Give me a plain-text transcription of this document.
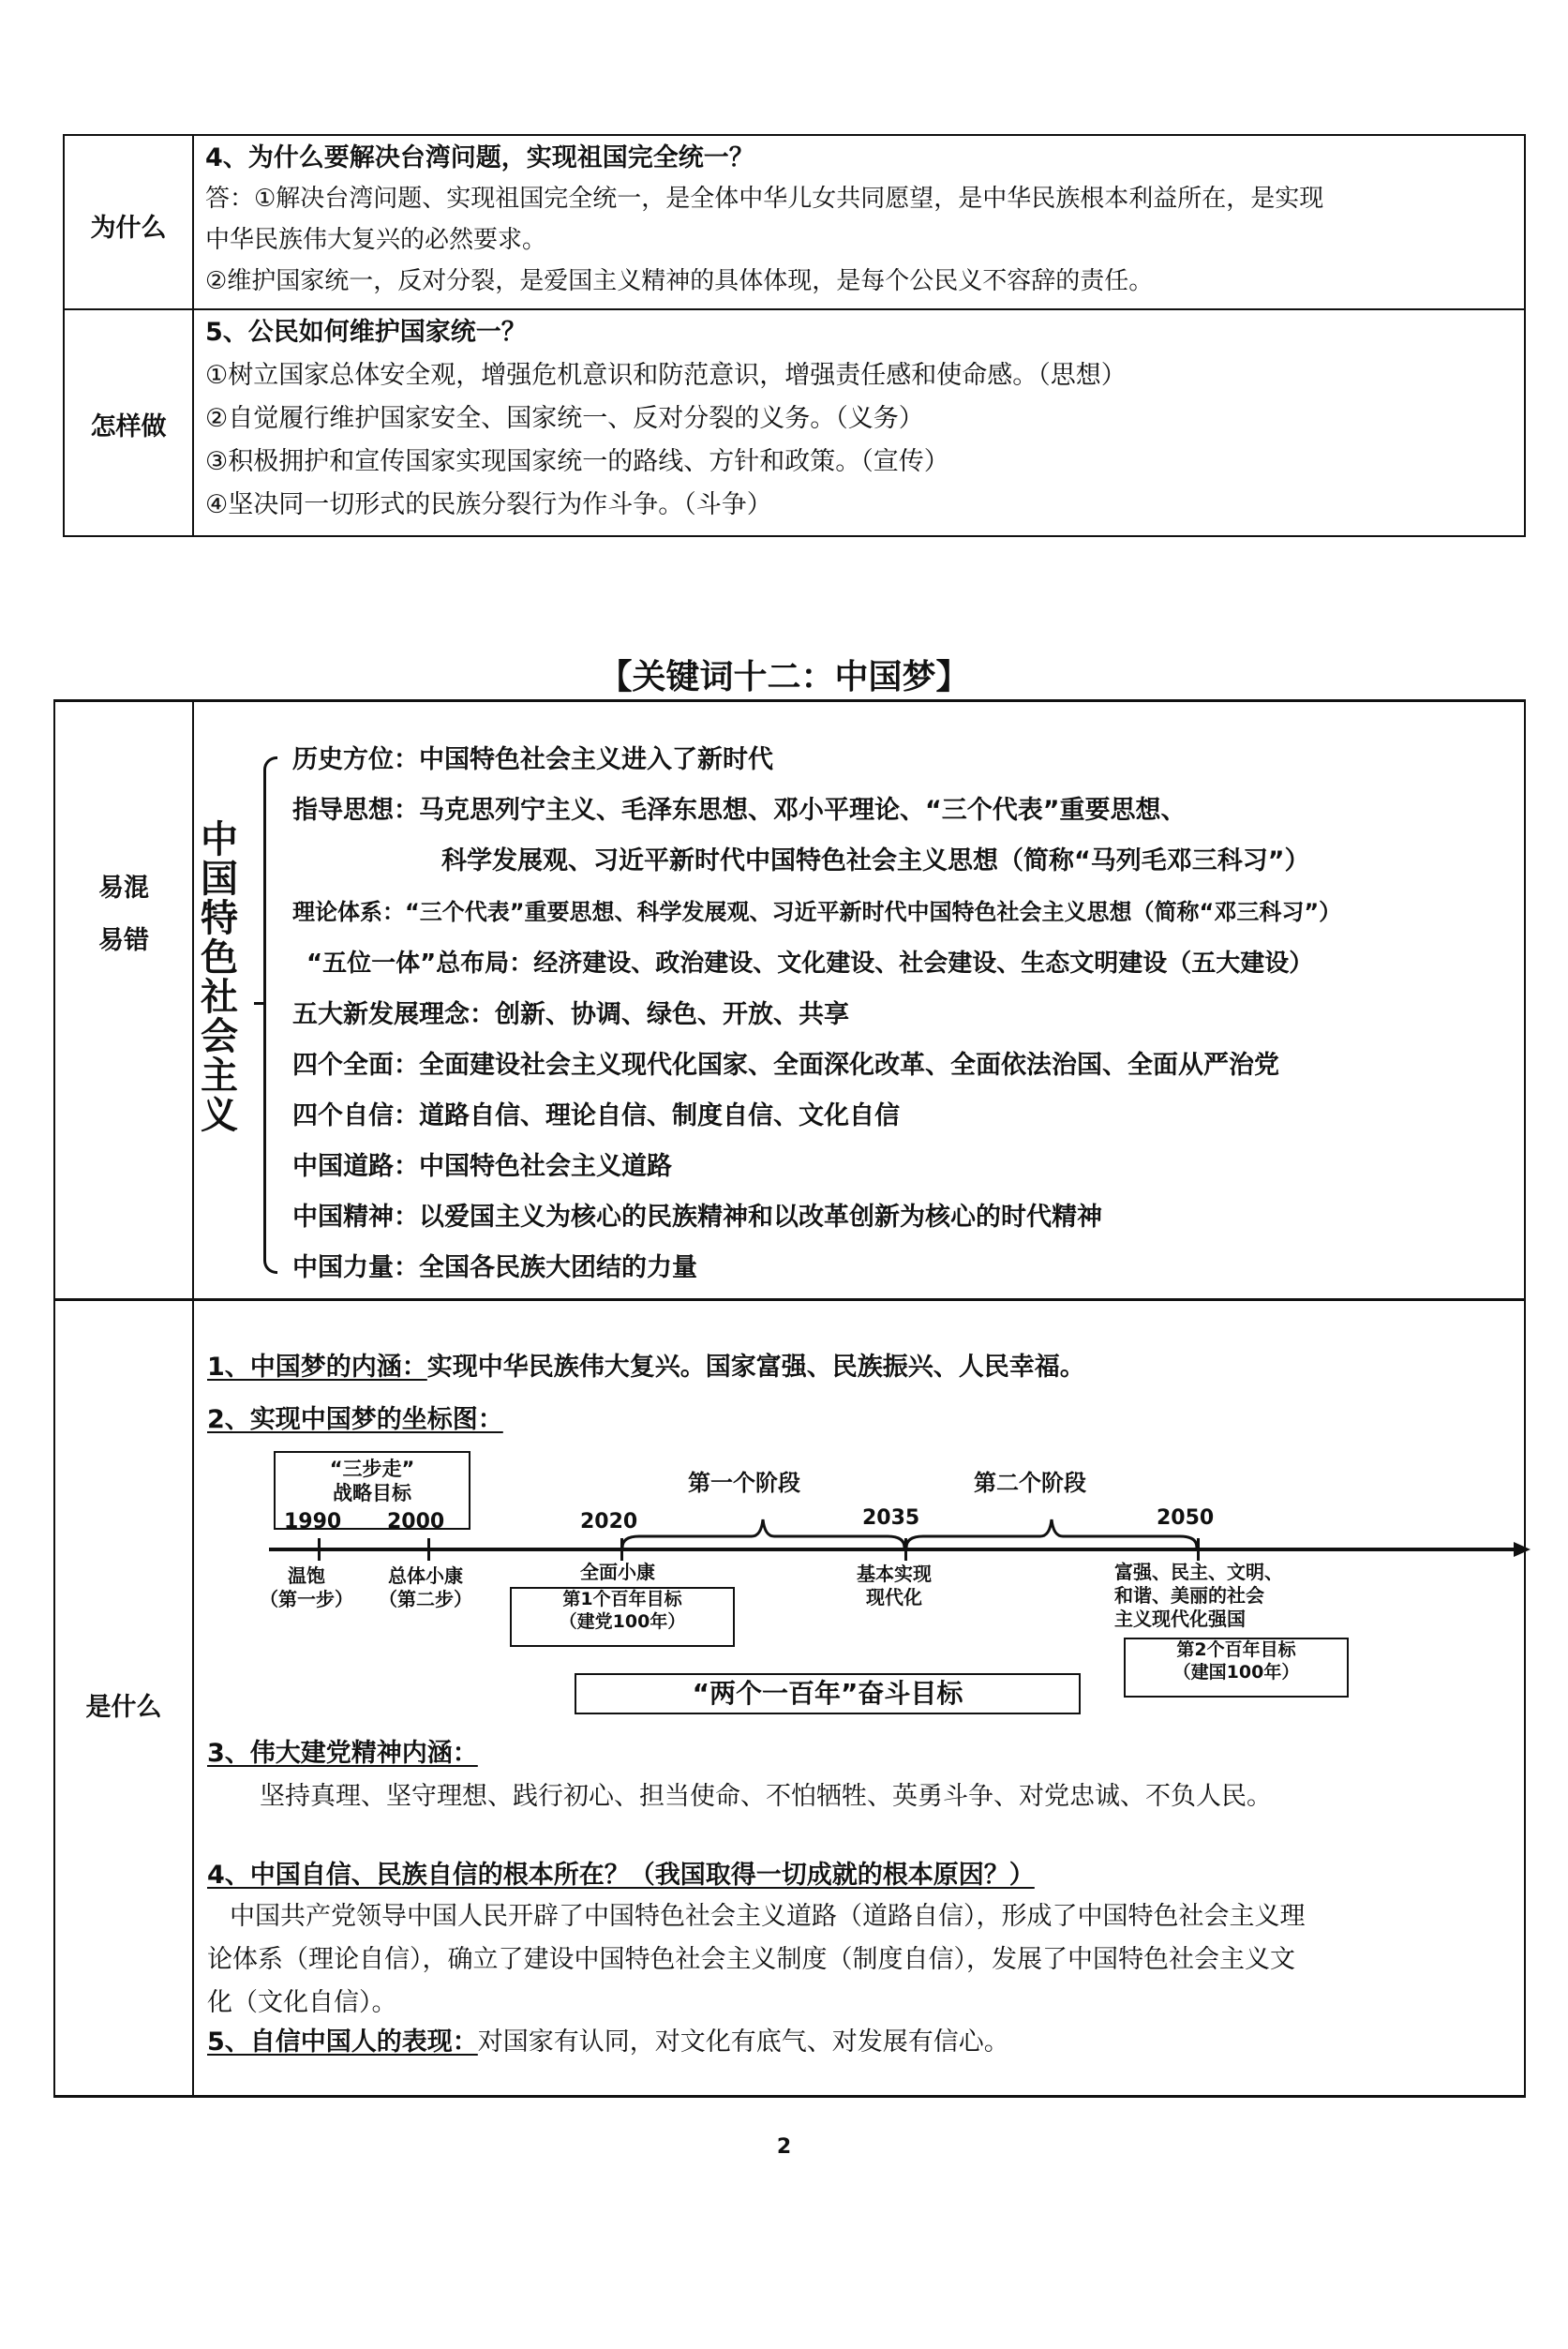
为什么
4、为什么要解决台湾问题，实现祖国完全统一？
答：①解决台湾问题、实现祖国完全统一，是全体中华儿女共同愿望，是中华民族根本利益所在，是实现
中华民族伟大复兴的必然要求。
②维护国家统一，反对分裂，是爱国主义精神的具体体现，是每个公民义不容辞的责任。
怎样做
5、公民如何维护国家统一？
①树立国家总体安全观，增强危机意识和防范意识，增强责任感和使命感。（思想）
②自觉履行维护国家安全、国家统一、反对分裂的义务。（义务）
③积极拥护和宣传国家实现国家统一的路线、方针和政策。（宣传）
④坚决同一切形式的民族分裂行为作斗争。（斗争）
【关键词十二：中国梦】
易混
易错
中
国
特
色
社
会
主
义
历史方位：中国特色社会主义进入了新时代
指导思想：马克思列宁主义、毛泽东思想、邓小平理论、“三个代表”重要思想、
科学发展观、习近平新时代中国特色社会主义思想（简称“马列毛邓三科习”）
理论体系：“三个代表”重要思想、科学发展观、习近平新时代中国特色社会主义思想（简称“邓三科习”）
“五位一体”总布局：经济建设、政治建设、文化建设、社会建设、生态文明建设（五大建设）
五大新发展理念：创新、协调、绿色、开放、共享
四个全面：全面建设社会主义现代化国家、全面深化改革、全面依法治国、全面从严治党
四个自信：道路自信、理论自信、制度自信、文化自信
中国道路：中国特色社会主义道路
中国精神：以爱国主义为核心的民族精神和以改革创新为核心的时代精神
中国力量：全国各民族大团结的力量
是什么
1、中国梦的内涵：实现中华民族伟大复兴。国家富强、民族振兴、人民幸福。
2、实现中国梦的坐标图：
“三步走”
战略目标
1990 2000	2020	2035	2050
第一个阶段	第二个阶段
温饱
（第一步）
总体小康
（第二步）
全面小康
第1个百年目标
（建党100年）
基本实现
现代化
富强、民主、文明、
和谐、美丽的社会
主义现代化强国
第2个百年目标
（建国100年）
“两个一百年”奋斗目标
3、伟大建党精神内涵：
坚持真理、坚守理想、践行初心、担当使命、不怕牺牲、英勇斗争、对党忠诚、不负人民。
4、中国自信、民族自信的根本所在？（我国取得一切成就的根本原因？）
中国共产党领导中国人民开辟了中国特色社会主义道路（道路自信），形成了中国特色社会主义理
论体系（理论自信），确立了建设中国特色社会主义制度（制度自信），发展了中国特色社会主义文
化（文化自信）。
5、自信中国人的表现：对国家有认同，对文化有底气、对发展有信心。
2
